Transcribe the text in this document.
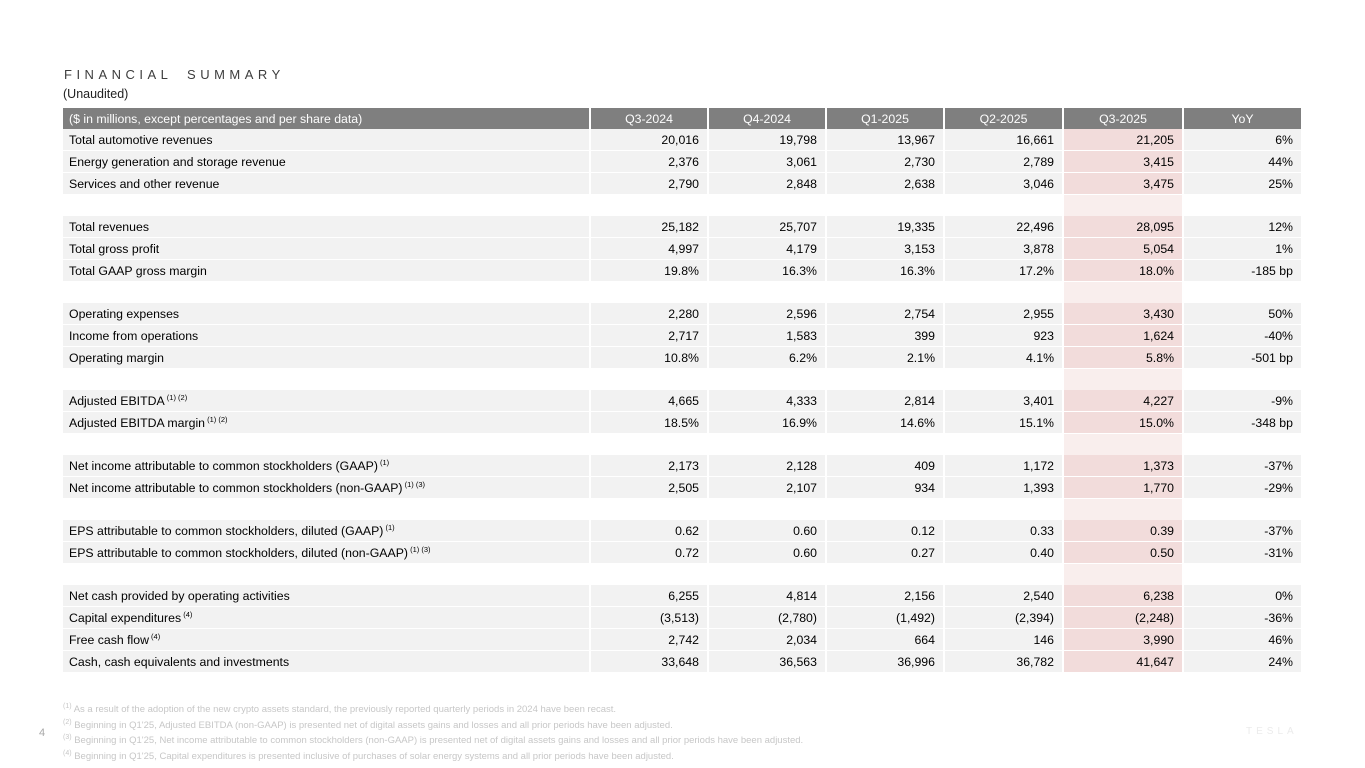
FINANCIAL SUMMARY
(Unaudited)
($ in millions, except percentages and per share data)	Q3-2024	Q4-2024	Q1-2025	Q2-2025	Q3-2025	YoY
Total automotive revenues	20,016	19,798	13,967	16,661	21,205	6%
Energy generation and storage revenue	2,376	3,061	2,730	2,789	3,415	44%
Services and other revenue	2,790	2,848	2,638	3,046	3,475	25%

Total revenues	25,182	25,707	19,335	22,496	28,095	12%
Total gross profit	4,997	4,179	3,153	3,878	5,054	1%
Total GAAP gross margin	19.8%	16.3%	16.3%	17.2%	18.0%	-185 bp

Operating expenses	2,280	2,596	2,754	2,955	3,430	50%
Income from operations	2,717	1,583	399	923	1,624	-40%
Operating margin	10.8%	6.2%	2.1%	4.1%	5.8%	-501 bp

Adjusted EBITDA $^{(1) (2)}$	4,665	4,333	2,814	3,401	4,227	-9%
Adjusted EBITDA margin $^{(1) (2)}$	18.5%	16.9%	14.6%	15.1%	15.0%	-348 bp

Net income attributable to common stockholders (GAAP) $^{(1)}$	2,173	2,128	409	1,172	1,373	-37%
Net income attributable to common stockholders (non-GAAP) $^{(1) (3)}$	2,505	2,107	934	1,393	1,770	-29%

EPS attributable to common stockholders, diluted (GAAP) $^{(1)}$	0.62	0.60	0.12	0.33	0.39	-37%
EPS attributable to common stockholders, diluted (non-GAAP) $^{(1) (3)}$	0.72	0.60	0.27	0.40	0.50	-31%

Net cash provided by operating activities	6,255	4,814	2,156	2,540	6,238	0%
Capital expenditures $^{(4)}$	(3,513)	(2,780)	(1,492)	(2,394)	(2,248)	-36%
Free cash flow $^{(4)}$	2,742	2,034	664	146	3,990	46%
Cash, cash equivalents and investments	33,648	36,563	36,996	36,782	41,647	24%
$^{(1)}$ As a result of the adoption of the new crypto assets standard, the previously reported quarterly periods in 2024 have been recast.
$^{(2)}$ Beginning in Q1'25, Adjusted EBITDA (non-GAAP) is presented net of digital assets gains and losses and all prior periods have been adjusted.
$^{(3)}$ Beginning in Q1'25, Net income attributable to common stockholders (non-GAAP) is presented net of digital assets gains and losses and all prior periods have been adjusted.
$^{(4)}$ Beginning in Q1'25, Capital expenditures is presented inclusive of purchases of solar energy systems and all prior periods have been adjusted.
4	TESLA
